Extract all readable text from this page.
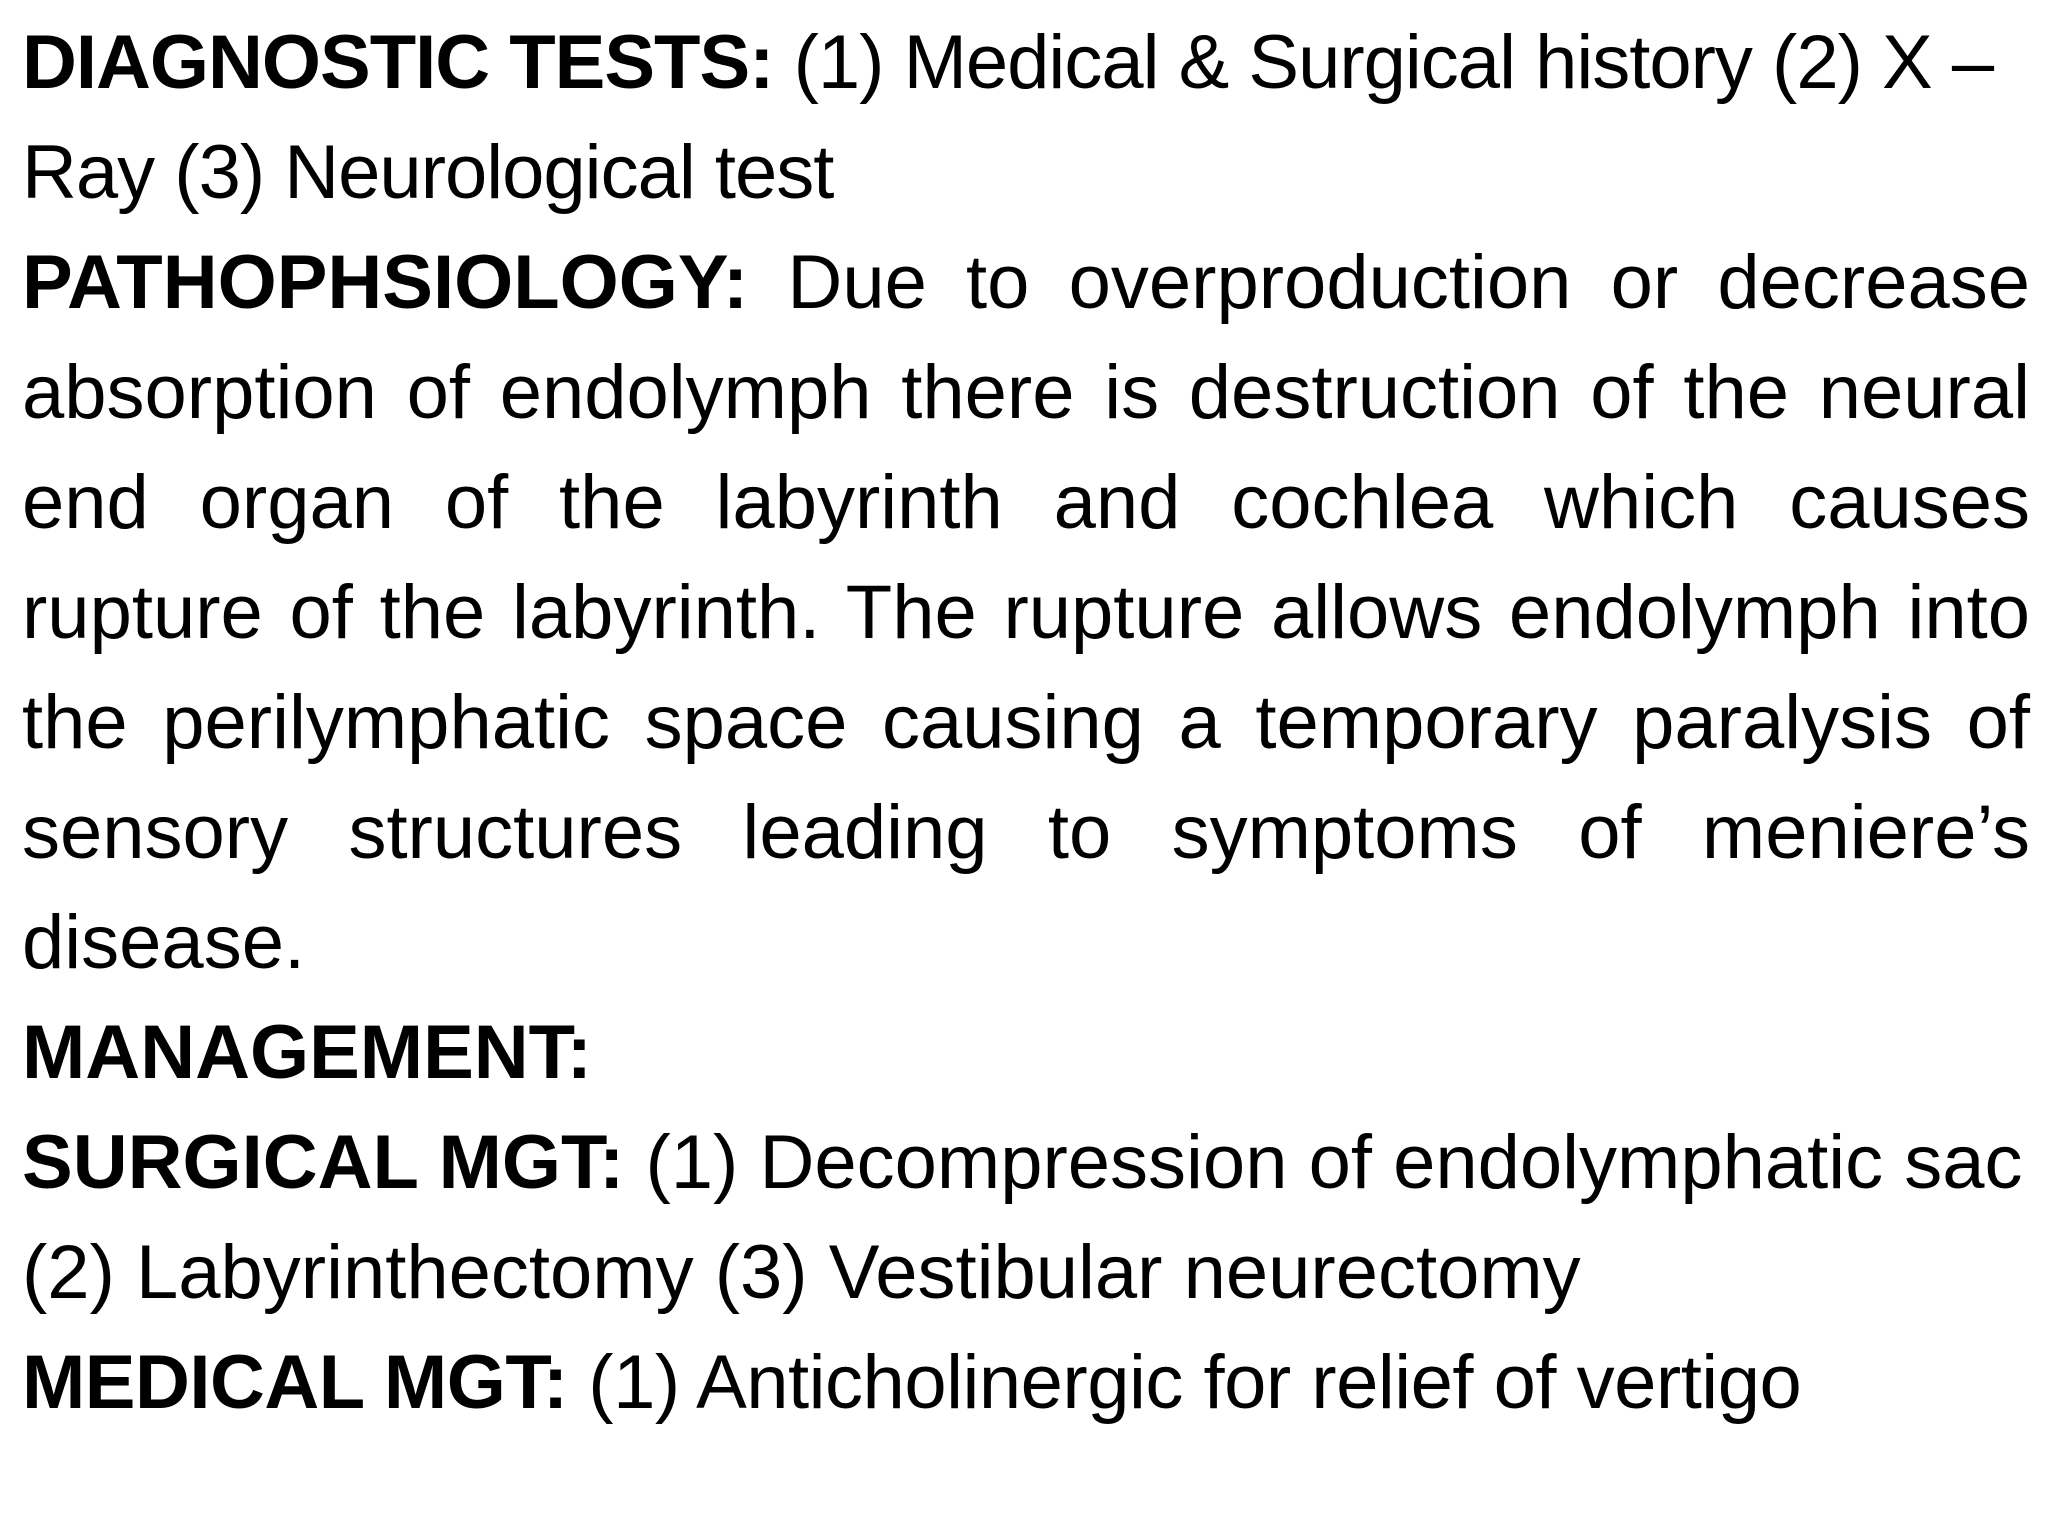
DIAGNOSTIC TESTS: (1) Medical & Surgical history (2) X – Ray (3) Neurological test

PATHOPHSIOLOGY: Due to overproduction or decrease absorption of endolymph there is destruction of the neural end organ of the labyrinth and cochlea which causes rupture of the labyrinth. The rupture allows endolymph into the perilymphatic space causing a temporary paralysis of sensory structures leading to symptoms of meniere’s disease.

MANAGEMENT:

SURGICAL MGT: (1) Decompression of endolymphatic sac (2) Labyrinthectomy (3) Vestibular neurectomy

MEDICAL MGT: (1) Anticholinergic for relief of vertigo
